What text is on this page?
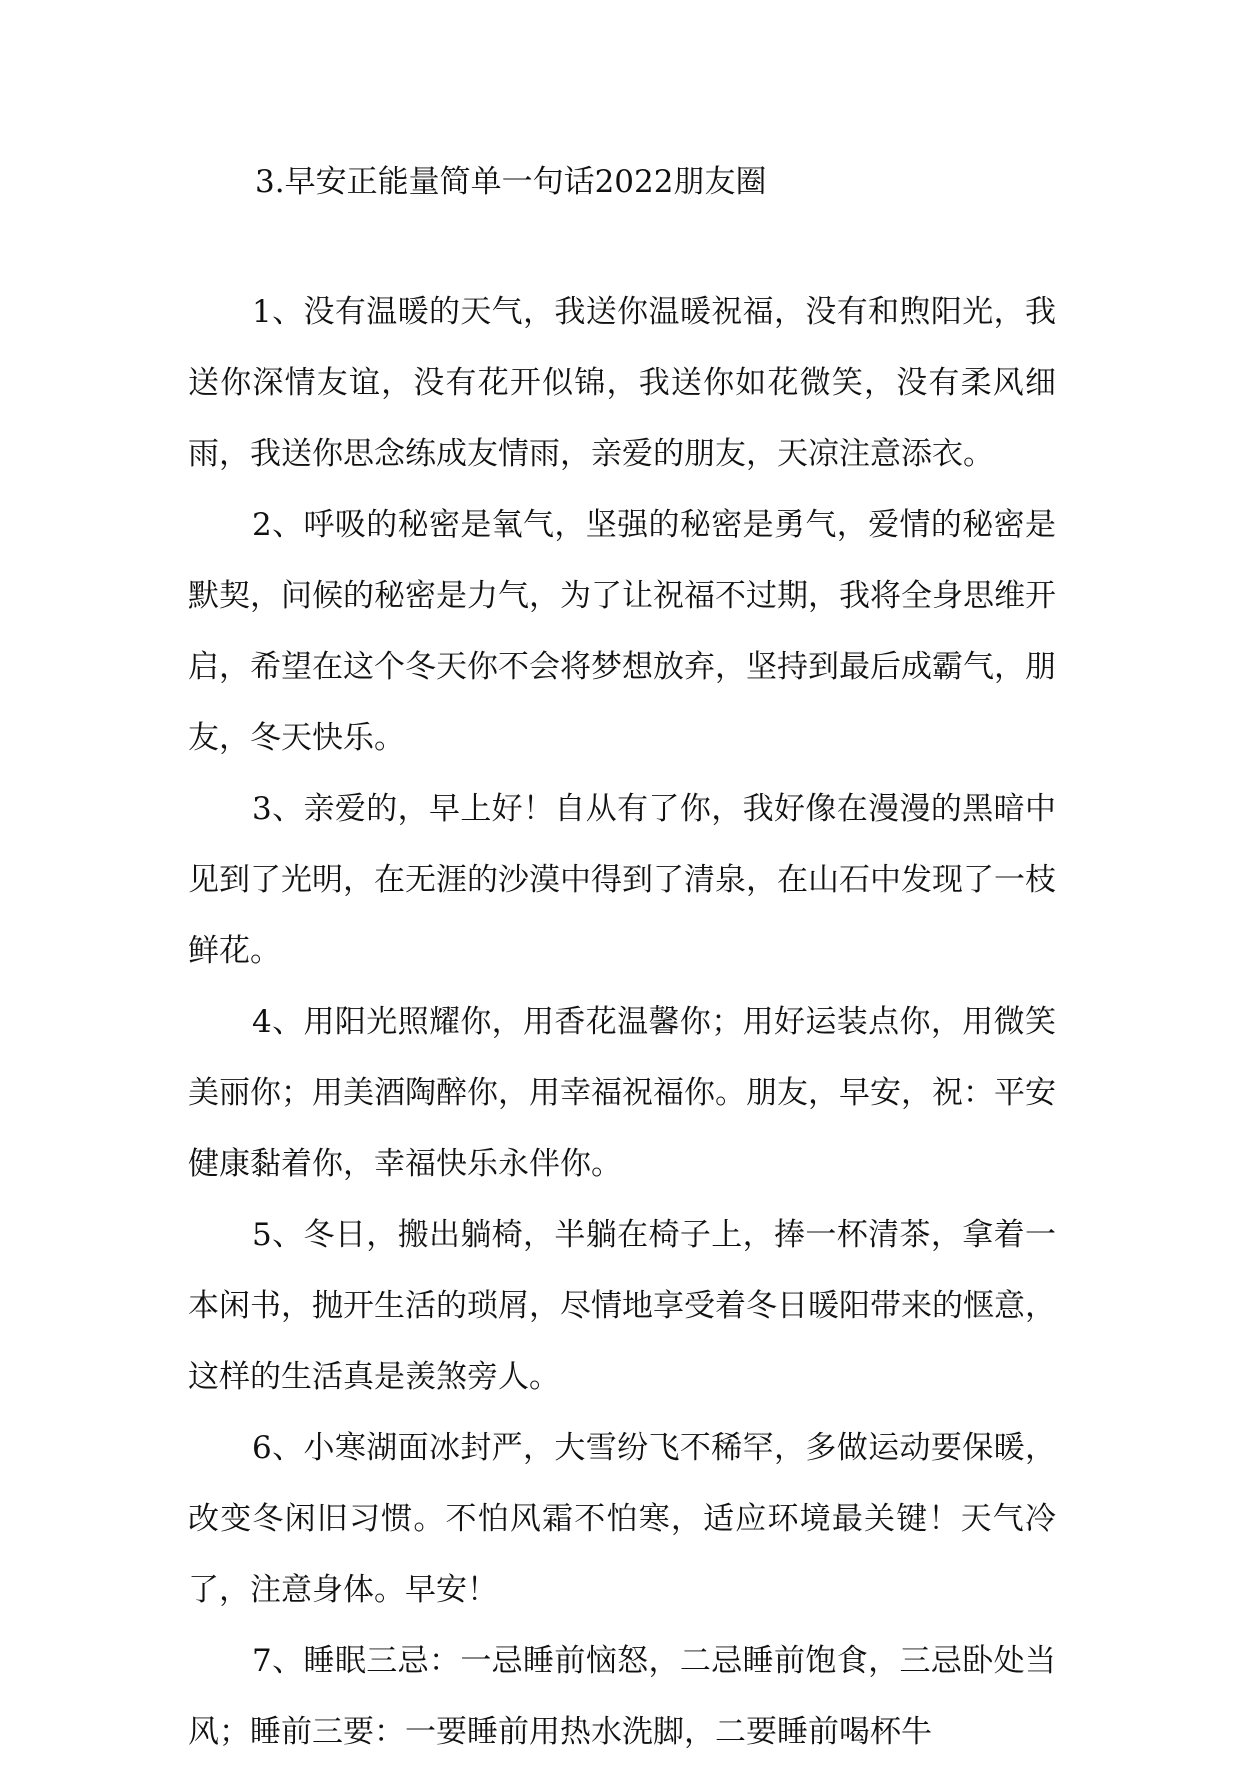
3.早安正能量简单一句话2022朋友圈

1、没有温暖的天气，我送你温暖祝福，没有和煦阳光，我送你深情友谊，没有花开似锦，我送你如花微笑，没有柔风细雨，我送你思念练成友情雨，亲爱的朋友，天凉注意添衣。

2、呼吸的秘密是氧气，坚强的秘密是勇气，爱情的秘密是默契，问候的秘密是力气，为了让祝福不过期，我将全身思维开启，希望在这个冬天你不会将梦想放弃，坚持到最后成霸气，朋友，冬天快乐。

3、亲爱的，早上好！自从有了你，我好像在漫漫的黑暗中见到了光明，在无涯的沙漠中得到了清泉，在山石中发现了一枝鲜花。

4、用阳光照耀你，用香花温馨你；用好运装点你，用微笑美丽你；用美酒陶醉你，用幸福祝福你。朋友，早安，祝：平安健康黏着你，幸福快乐永伴你。

5、冬日，搬出躺椅，半躺在椅子上，捧一杯清茶，拿着一本闲书，抛开生活的琐屑，尽情地享受着冬日暖阳带来的惬意，这样的生活真是羡煞旁人。

6、小寒湖面冰封严，大雪纷飞不稀罕，多做运动要保暖，改变冬闲旧习惯。不怕风霜不怕寒，适应环境最关键！天气冷了，注意身体。早安！

7、睡眠三忌：一忌睡前恼怒，二忌睡前饱食，三忌卧处当风；睡前三要：一要睡前用热水洗脚，二要睡前喝杯牛
